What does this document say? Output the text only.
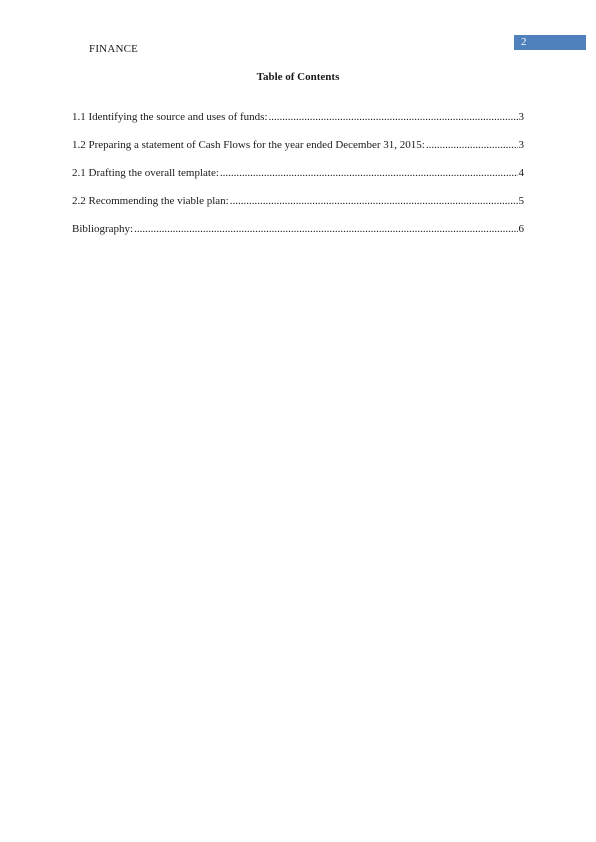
FINANCE
2
Table of Contents
1.1 Identifying the source and uses of funds: .....	3
1.2 Preparing a statement of Cash Flows for the year ended December 31, 2015: .....	3
2.1 Drafting the overall template: .....	4
2.2 Recommending the viable plan: .....	5
Bibliography: .....	6
